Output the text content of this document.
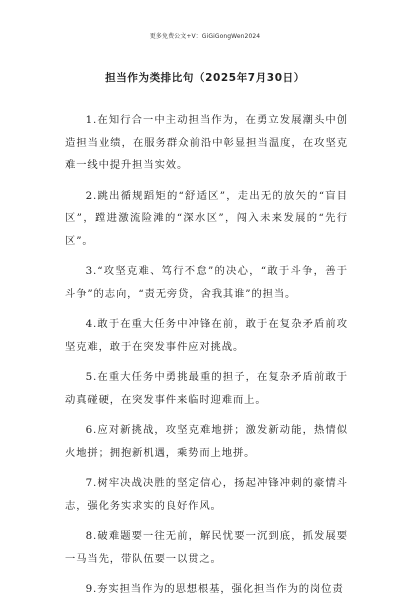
更多免费公文+V：GiGiGongWen2024
担当作为类排比句（2025年7月30日）

1.在知行合一中主动担当作为，在勇立发展潮头中创造担当业绩，在服务群众前沿中彰显担当温度，在攻坚克难一线中提升担当实效。

2.跳出循规蹈矩的“舒适区”，走出无的放矢的“盲目区”，蹚进激流险滩的“深水区”，闯入未来发展的“先行区”。

3.“攻坚克难、笃行不怠”的决心，“敢于斗争，善于斗争”的志向，“责无旁贷，舍我其谁”的担当。

4.敢于在重大任务中冲锋在前，敢于在复杂矛盾前攻坚克难，敢于在突发事件应对挑战。

5.在重大任务中勇挑最重的担子，在复杂矛盾前敢于动真碰硬，在突发事件来临时迎难而上。

6.应对新挑战，攻坚克难地拼；激发新动能，热情似火地拼；拥抱新机遇，乘势而上地拼。

7.树牢决战决胜的坚定信心，扬起冲锋冲刺的豪情斗志，强化务实求实的良好作风。

8.破难题要一往无前，解民忧要一沉到底，抓发展要一马当先，带队伍要一以贯之。

9.夯实担当作为的思想根基，强化担当作为的岗位责
